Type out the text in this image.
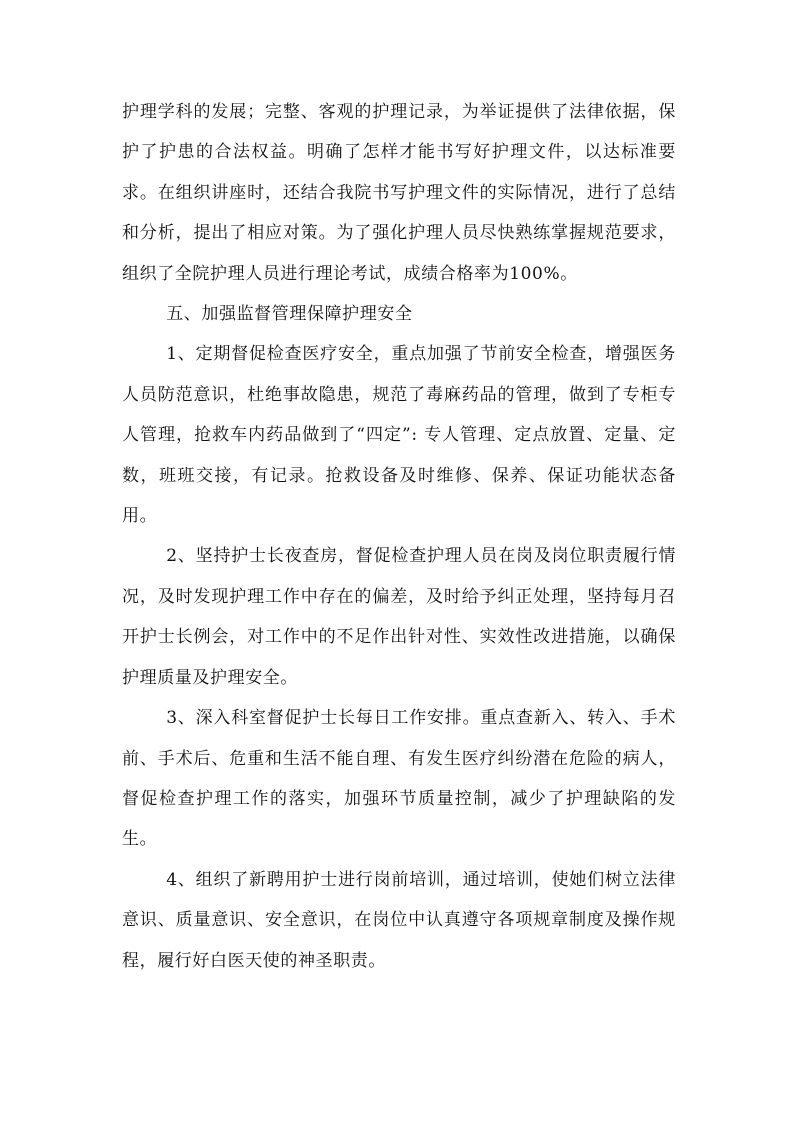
护理学科的发展；完整、客观的护理记录，为举证提供了法律依据，保护了护患的合法权益。明确了怎样才能书写好护理文件，以达标准要求。在组织讲座时，还结合我院书写护理文件的实际情况，进行了总结和分析，提出了相应对策。为了强化护理人员尽快熟练掌握规范要求，组织了全院护理人员进行理论考试，成绩合格率为100%。

五、加强监督管理保障护理安全

1、定期督促检查医疗安全，重点加强了节前安全检查，增强医务人员防范意识，杜绝事故隐患，规范了毒麻药品的管理，做到了专柜专人管理，抢救车内药品做到了“四定”: 专人管理、定点放置、定量、定数，班班交接，有记录。抢救设备及时维修、保养、保证功能状态备用。

2、坚持护士长夜查房，督促检查护理人员在岗及岗位职责履行情况，及时发现护理工作中存在的偏差，及时给予纠正处理，坚持每月召开护士长例会，对工作中的不足作出针对性、实效性改进措施，以确保护理质量及护理安全。

3、深入科室督促护士长每日工作安排。重点查新入、转入、手术前、手术后、危重和生活不能自理、有发生医疗纠纷潜在危险的病人，督促检查护理工作的落实，加强环节质量控制，减少了护理缺陷的发生。

4、组织了新聘用护士进行岗前培训，通过培训，使她们树立法律意识、质量意识、安全意识，在岗位中认真遵守各项规章制度及操作规程，履行好白医天使的神圣职责。
